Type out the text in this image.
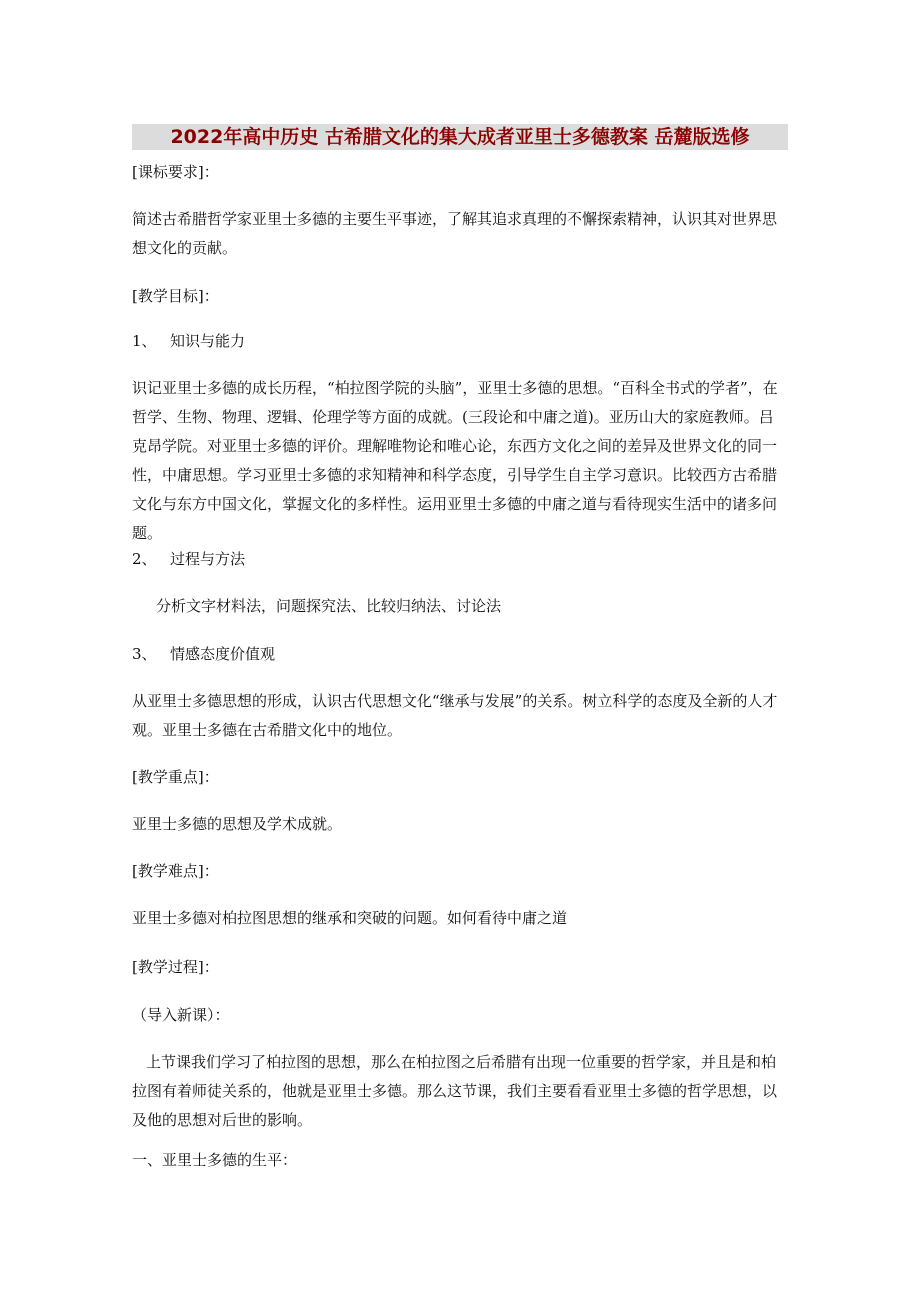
2022年高中历史 古希腊文化的集大成者亚里士多德教案 岳麓版选修

[课标要求]：

简述古希腊哲学家亚里士多德的主要生平事迹，了解其追求真理的不懈探索精神，认识其对世界思想文化的贡献。

[教学目标]：

1、 知识与能力

识记亚里士多德的成长历程，“柏拉图学院的头脑”，亚里士多德的思想。“百科全书式的学者”，在哲学、生物、物理、逻辑、伦理学等方面的成就。(三段论和中庸之道)。亚历山大的家庭教师。吕克昂学院。对亚里士多德的评价。理解唯物论和唯心论，东西方文化之间的差异及世界文化的同一性，中庸思想。学习亚里士多德的求知精神和科学态度，引导学生自主学习意识。比较西方古希腊文化与东方中国文化，掌握文化的多样性。运用亚里士多德的中庸之道与看待现实生活中的诸多问题。

2、 过程与方法

分析文字材料法，问题探究法、比较归纳法、讨论法

3、 情感态度价值观

从亚里士多德思想的形成，认识古代思想文化“继承与发展”的关系。树立科学的态度及全新的人才观。亚里士多德在古希腊文化中的地位。

[教学重点]：

亚里士多德的思想及学术成就。

[教学难点]：

亚里士多德对柏拉图思想的继承和突破的问题。如何看待中庸之道

[教学过程]：

（导入新课）：

上节课我们学习了柏拉图的思想，那么在柏拉图之后希腊有出现一位重要的哲学家，并且是和柏拉图有着师徒关系的，他就是亚里士多德。那么这节课，我们主要看看亚里士多德的哲学思想，以及他的思想对后世的影响。

一、亚里士多德的生平：
